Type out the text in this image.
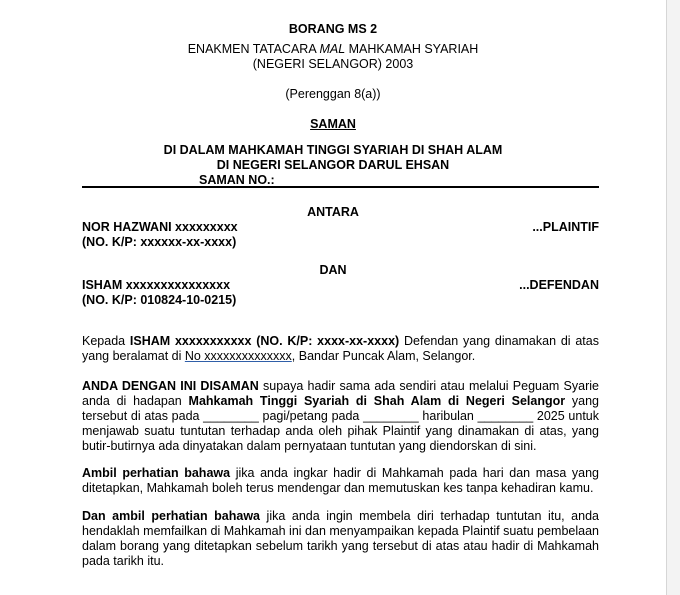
BORANG MS 2
ENAKMEN TATACARA MAL MAHKAMAH SYARIAH
(NEGERI SELANGOR) 2003
(Perenggan 8(a))
SAMAN
DI DALAM MAHKAMAH TINGGI SYARIAH DI SHAH ALAM
DI NEGERI SELANGOR DARUL EHSAN
SAMAN NO.:
ANTARA
NOR HAZWANI xxxxxxxxx	...PLAINTIF
(NO. K/P: xxxxxx-xx-xxxx)
DAN
ISHAM xxxxxxxxxxxxxxx	...DEFENDAN
(NO. K/P: 010824-10-0215)
Kepada ISHAM xxxxxxxxxxx (NO. K/P: xxxx-xx-xxxx) Defendan yang dinamakan di atas yang beralamat di No xxxxxxxxxxxxxx, Bandar Puncak Alam, Selangor.
ANDA DENGAN INI DISAMAN supaya hadir sama ada sendiri atau melalui Peguam Syarie anda di hadapan Mahkamah Tinggi Syariah di Shah Alam di Negeri Selangor yang tersebut di atas pada ________ pagi/petang pada ________ haribulan ________ 2025 untuk menjawab suatu tuntutan terhadap anda oleh pihak Plaintif yang dinamakan di atas, yang butir-butirnya ada dinyatakan dalam pernyataan tuntutan yang diendorskan di sini.
Ambil perhatian bahawa jika anda ingkar hadir di Mahkamah pada hari dan masa yang ditetapkan, Mahkamah boleh terus mendengar dan memutuskan kes tanpa kehadiran kamu.
Dan ambil perhatian bahawa jika anda ingin membela diri terhadap tuntutan itu, anda hendaklah memfailkan di Mahkamah ini dan menyampaikan kepada Plaintif suatu pembelaan dalam borang yang ditetapkan sebelum tarikh yang tersebut di atas atau hadir di Mahkamah pada tarikh itu.
